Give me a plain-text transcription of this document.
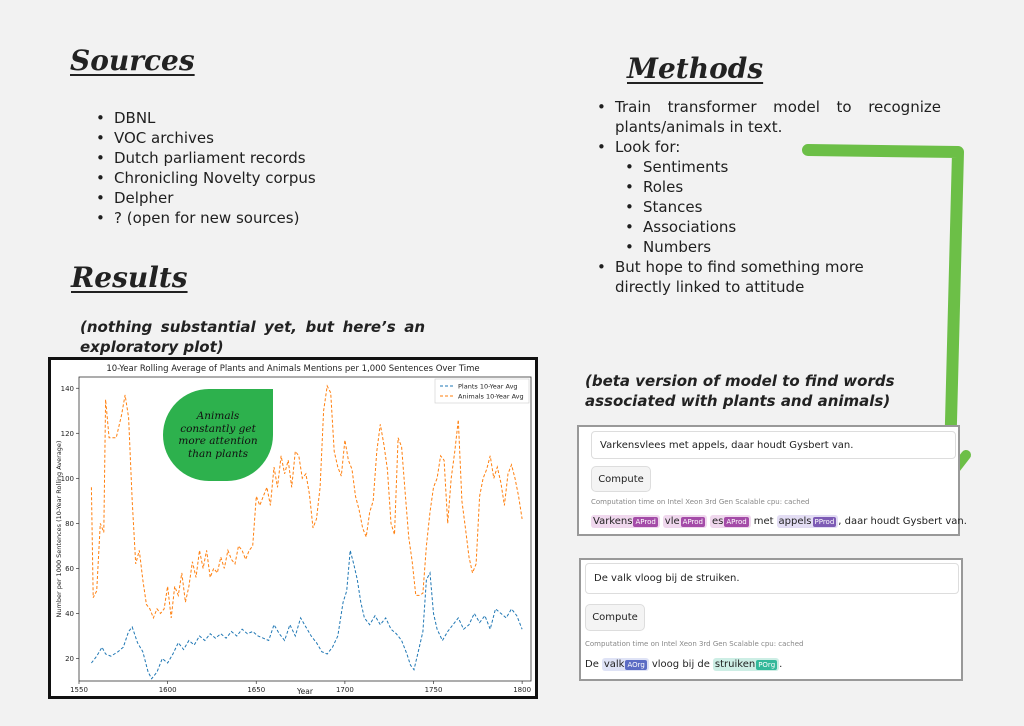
Sources
• DBNL
• VOC archives
• Dutch parliament records
• Chronicling Novelty corpus
• Delpher
• ? (open for new sources)
Methods
• Train transformer model to recognize plants/animals in text.
• Look for:
• Sentiments
• Roles
• Stances
• Associations
• Numbers
• But hope to find something more directly linked to attitude
Results
(nothing substantial yet, but here’s an exploratory plot)
10-Year Rolling Average of Plants and Animals Mentions per 1,000 Sentences Over Time
1550	1600	1650	1700	1750	1800
20
40
60
80
100
120
140
Year
Number per 1000 Sentences (10-Year Rolling Average)
Plants 10-Year Avg
Animals 10-Year Avg
Animals constantly get more attention than plants
(beta version of model to find words associated with plants and animals)
Varkensvlees met appels, daar houdt Gysbert van.
Compute
Computation time on Intel Xeon 3rd Gen Scalable cpu: cached
Varkens AProd vle AProd es AProd met appels PProd , daar houdt Gysbert van.
De valk vloog bij de struiken.
Compute
Computation time on Intel Xeon 3rd Gen Scalable cpu: cached
De valk AOrg vloog bij de struiken POrg .
